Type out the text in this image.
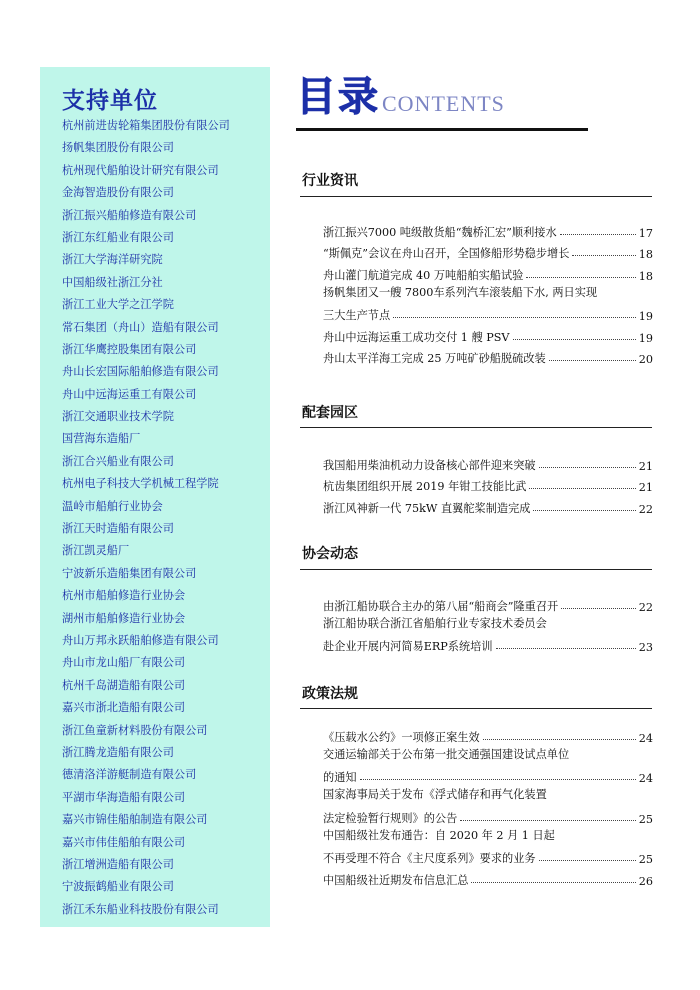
支持单位
杭州前进齿轮箱集团股份有限公司
扬帆集团股份有限公司
杭州现代船舶设计研究有限公司
金海智造股份有限公司
浙江振兴船舶修造有限公司
浙江东红船业有限公司
浙江大学海洋研究院
中国船级社浙江分社
浙江工业大学之江学院
常石集团（舟山）造船有限公司
浙江华鹰控股集团有限公司
舟山长宏国际船舶修造有限公司
舟山中远海运重工有限公司
浙江交通职业技术学院
国营海东造船厂
浙江合兴船业有限公司
杭州电子科技大学机械工程学院
温岭市船舶行业协会
浙江天时造船有限公司
浙江凯灵船厂
宁波新乐造船集团有限公司
杭州市船舶修造行业协会
湖州市船舶修造行业协会
舟山万邦永跃船舶修造有限公司
舟山市龙山船厂有限公司
杭州千岛湖造船有限公司
嘉兴市浙北造船有限公司
浙江鱼童新材料股份有限公司
浙江腾龙造船有限公司
德清洛洋游艇制造有限公司
平湖市华海造船有限公司
嘉兴市锦佳船舶制造有限公司
嘉兴市伟佳船舶有限公司
浙江增洲造船有限公司
宁波振鹤船业有限公司
浙江禾东船业科技股份有限公司
目录 CONTENTS
行业资讯
浙江振兴7000 吨级散货船“魏桥汇宏”顺利接水	17
“斯佩克”会议在舟山召开，全国修船形势稳步增长	18
舟山灌门航道完成 40 万吨船舶实船试验	18
扬帆集团又一艘 7800车系列汽车滚装船下水, 两日实现
三大生产节点	19
舟山中远海运重工成功交付 1 艘 PSV	19
舟山太平洋海工完成 25 万吨矿砂船脱硫改装	20
配套园区
我国船用柴油机动力设备核心部件迎来突破	21
杭齿集团组织开展 2019 年钳工技能比武	21
浙江风神新一代 75kW 直翼舵桨制造完成	22
协会动态
由浙江船协联合主办的第八届“船商会”隆重召开	22
浙江船协联合浙江省船舶行业专家技术委员会
赴企业开展内河简易ERP系统培训	23
政策法规
《压载水公约》一项修正案生效	24
交通运输部关于公布第一批交通强国建设试点单位
的通知	24
国家海事局关于发布《浮式储存和再气化装置
法定检验暂行规则》的公告	25
中国船级社发布通告：自 2020 年 2 月 1 日起
不再受理不符合《主尺度系列》要求的业务	25
中国船级社近期发布信息汇总	26
